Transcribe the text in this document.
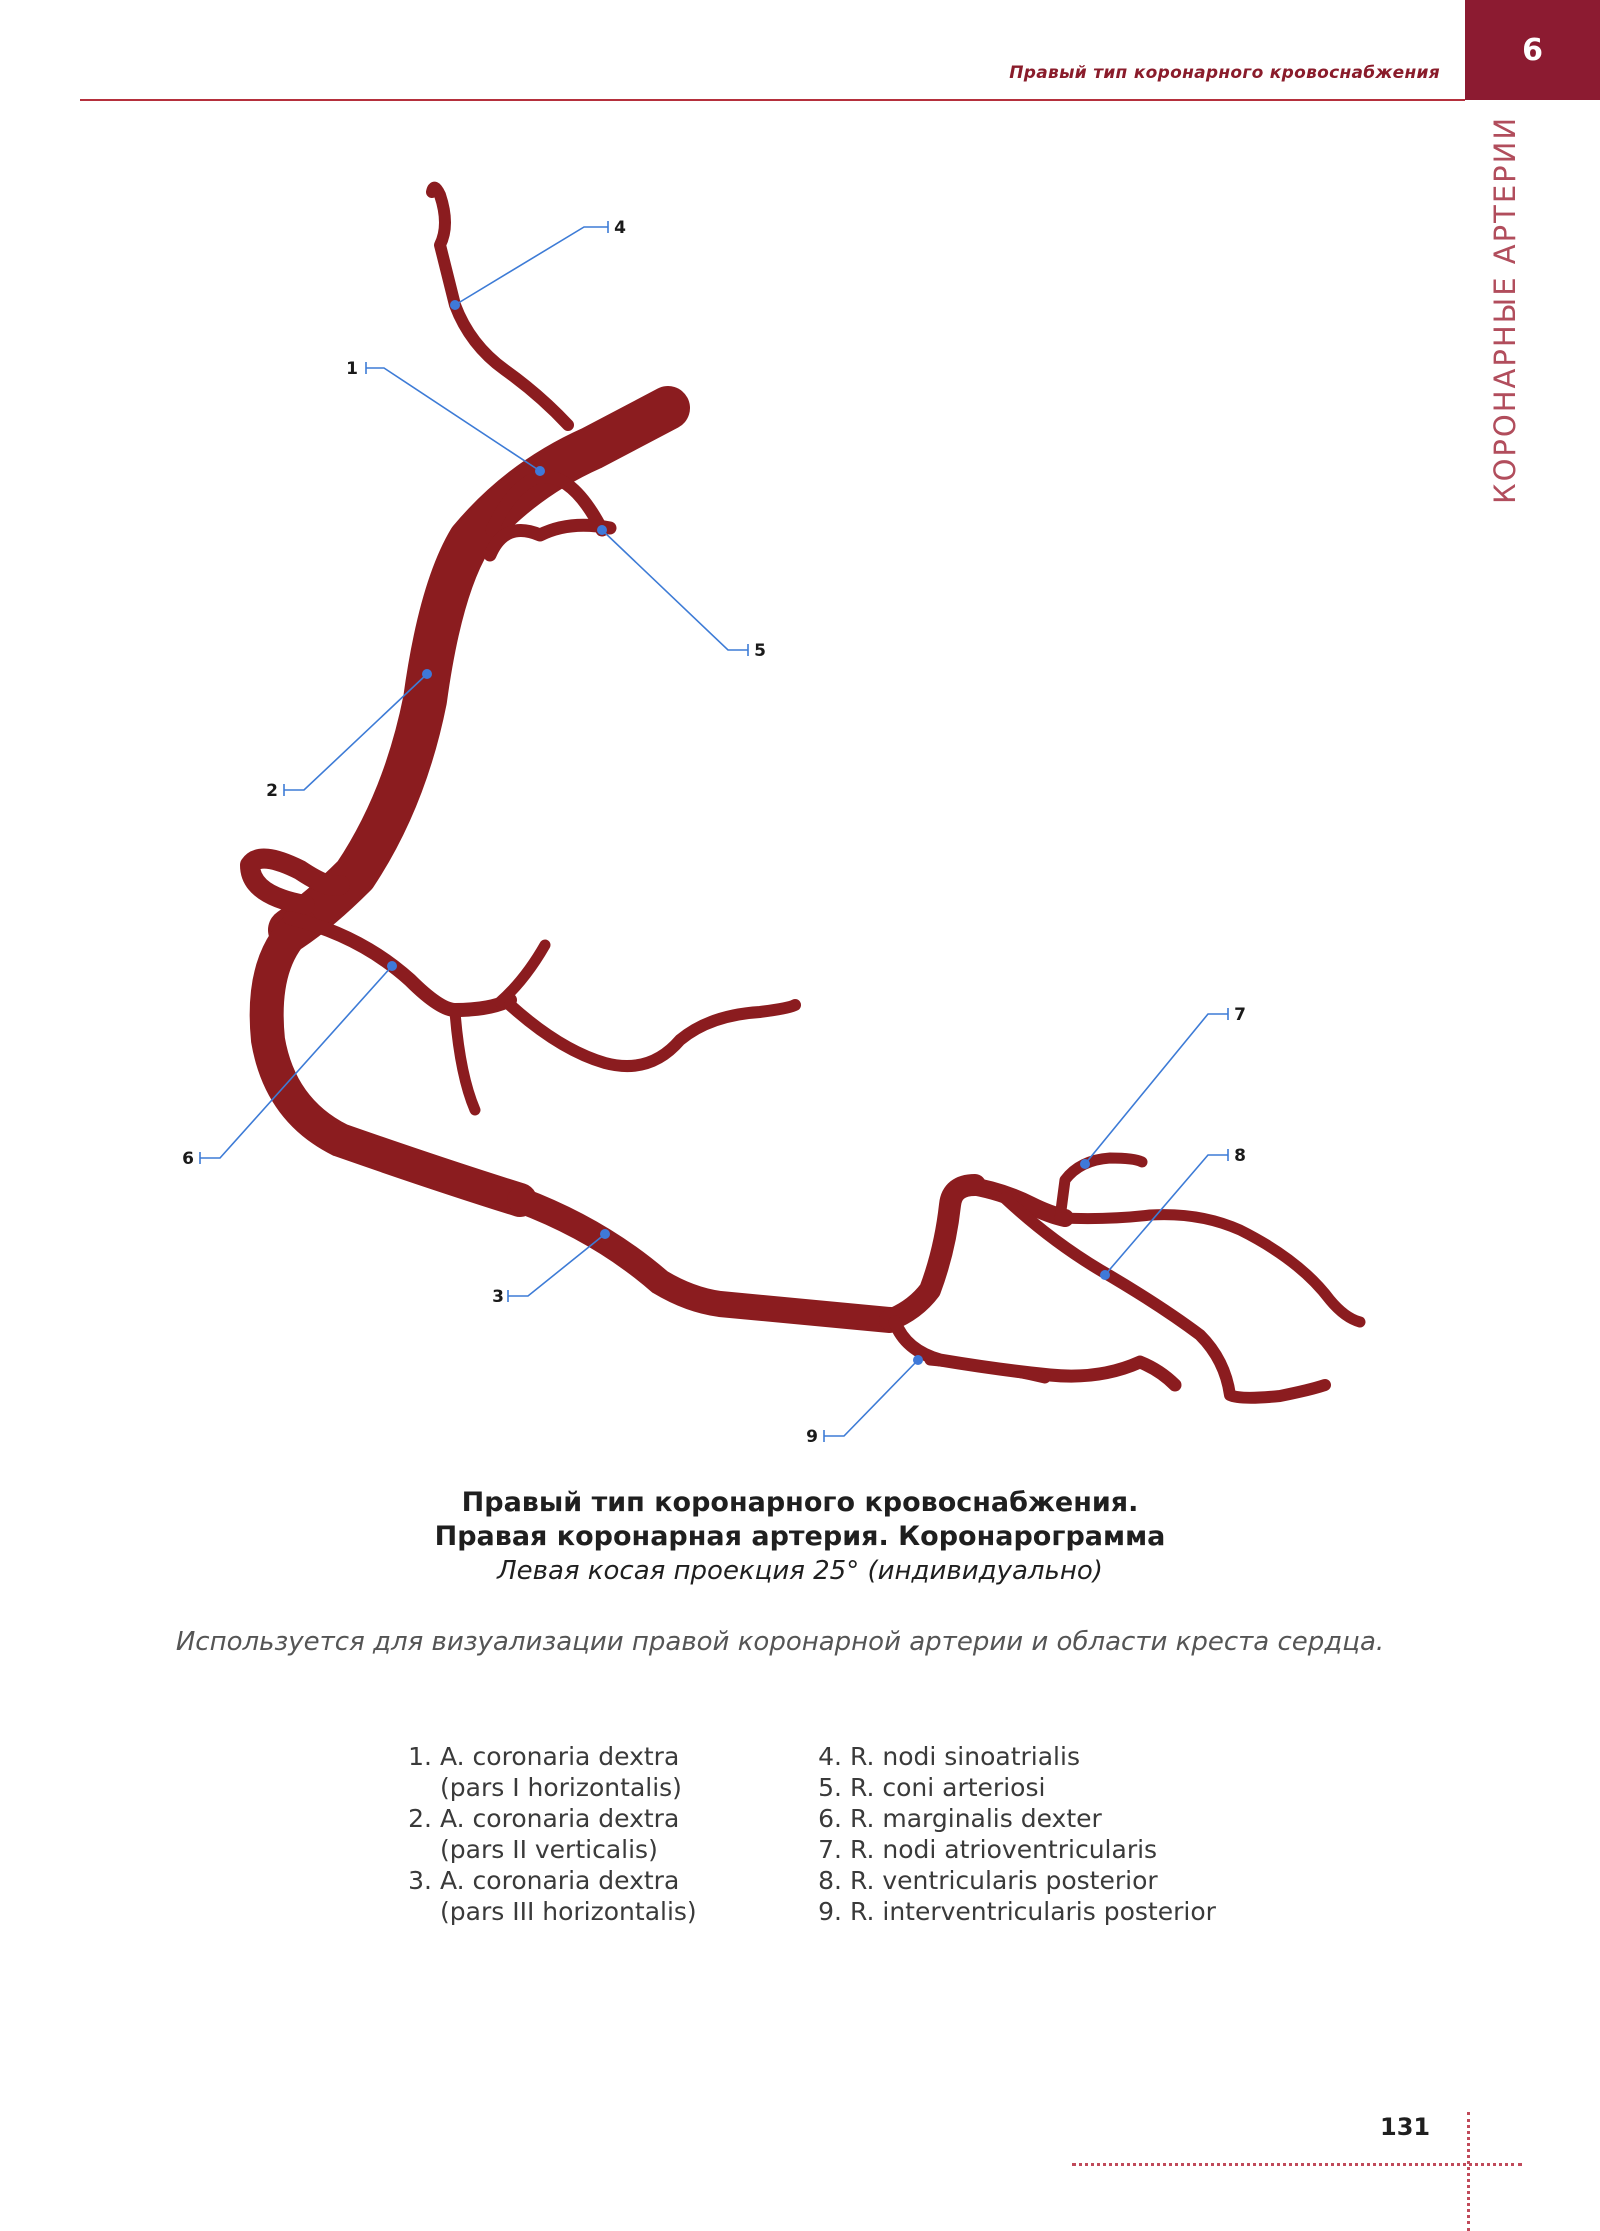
Правый тип коронарного кровоснабжения
6
КОРОНАРНЫЕ АРТЕРИИ
1
4
5
2
6
3
7
8
9
Правый тип коронарного кровоснабжения.
Правая коронарная артерия. Коронарограмма
Левая косая проекция 25° (индивидуально)
Используется для визуализации правой коронарной артерии и области креста сердца.
1. A. coronaria dextra
(pars I horizontalis)
2. A. coronaria dextra
(pars II verticalis)
3. A. coronaria dextra
(pars III horizontalis)
4. R. nodi sinoatrialis
5. R. coni arteriosi
6. R. marginalis dexter
7. R. nodi atrioventricularis
8. R. ventricularis posterior
9. R. interventricularis posterior
131
